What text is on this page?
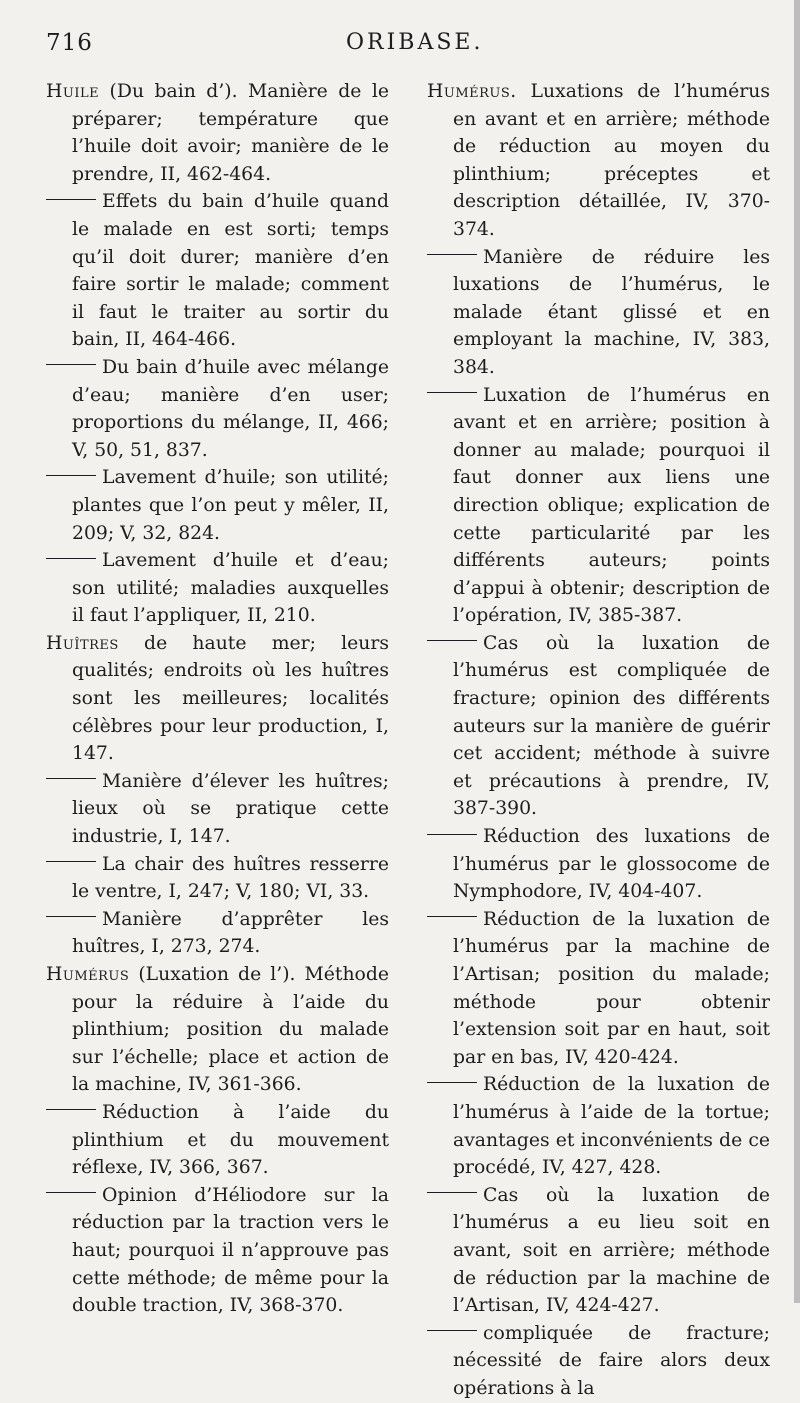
716	ORIBASE.

Huile (Du bain d’). Manière de le préparer; température que l’huile doit avoir; manière de le prendre, II, 462-464.

Effets du bain d’huile quand le malade en est sorti; temps qu’il doit durer; manière d’en faire sortir le malade; comment il faut le traiter au sortir du bain, II, 464-466.

Du bain d’huile avec mélange d’eau; manière d’en user; proportions du mélange, II, 466; V, 50, 51, 837.

Lavement d’huile; son utilité; plantes que l’on peut y mêler, II, 209; V, 32, 824.

Lavement d’huile et d’eau; son utilité; maladies auxquelles il faut l’appliquer, II, 210.

Huîtres de haute mer; leurs qualités; endroits où les huîtres sont les meilleures; localités célèbres pour leur production, I, 147.

Manière d’élever les huîtres; lieux où se pratique cette industrie, I, 147.

La chair des huîtres resserre le ventre, I, 247; V, 180; VI, 33.

Manière d’apprêter les huîtres, I, 273, 274.

Humérus (Luxation de l’). Méthode pour la réduire à l’aide du plinthium; position du malade sur l’échelle; place et action de la machine, IV, 361-366.

Réduction à l’aide du plinthium et du mouvement réflexe, IV, 366, 367.

Opinion d’Héliodore sur la réduction par la traction vers le haut; pourquoi il n’approuve pas cette méthode; de même pour la double traction, IV, 368-370.

Humérus. Luxations de l’humérus en avant et en arrière; méthode de réduction au moyen du plinthium; préceptes et description détaillée, IV, 370-374.

Manière de réduire les luxations de l’humérus, le malade étant glissé et en employant la machine, IV, 383, 384.

Luxation de l’humérus en avant et en arrière; position à donner au malade; pourquoi il faut donner aux liens une direction oblique; explication de cette particularité par les différents auteurs; points d’appui à obtenir; description de l’opération, IV, 385-387.

Cas où la luxation de l’humérus est compliquée de fracture; opinion des différents auteurs sur la manière de guérir cet accident; méthode à suivre et précautions à prendre, IV, 387-390.

Réduction des luxations de l’humérus par le glossocome de Nymphodore, IV, 404-407.

Réduction de la luxation de l’humérus par la machine de l’Artisan; position du malade; méthode pour obtenir l’extension soit par en haut, soit par en bas, IV, 420-424.

Réduction de la luxation de l’humérus à l’aide de la tortue; avantages et inconvénients de ce procédé, IV, 427, 428.

Cas où la luxation de l’humérus a eu lieu soit en avant, soit en arrière; méthode de réduction par la machine de l’Artisan, IV, 424-427.

compliquée de fracture; nécessité de faire alors deux opérations à la
